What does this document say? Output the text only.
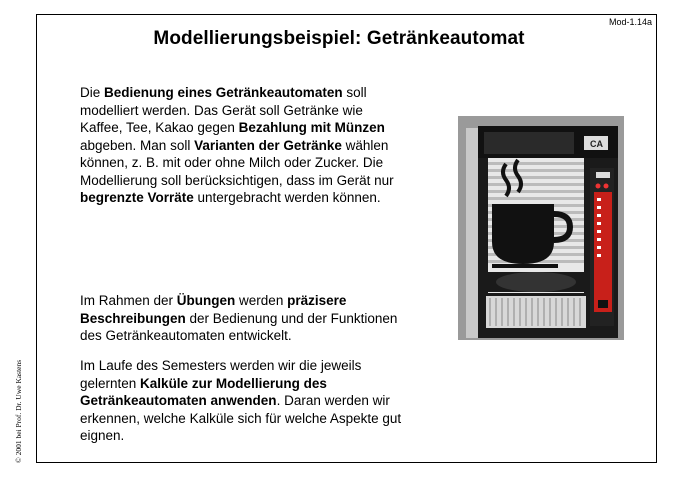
Mod-1.14a
Modellierungsbeispiel: Getränkeautomat
Die Bedienung eines Getränkeautomaten soll modelliert werden. Das Gerät soll Getränke wie Kaffee, Tee, Kakao gegen Bezahlung mit Münzen abgeben. Man soll Varianten der Getränke wählen können, z. B. mit oder ohne Milch oder Zucker. Die Modellierung soll berücksichtigen, dass im Gerät nur begrenzte Vorräte untergebracht werden können.
Im Rahmen der Übungen werden präzisere Beschreibungen der Bedienung und der Funktionen des Getränkeautomaten entwickelt.
Im Laufe des Semesters werden wir die jeweils gelernten Kalküle zur Modellierung des Getränkeautomaten anwenden. Daran werden wir erkennen, welche Kalküle sich für welche Aspekte gut eignen.
© 2001 bei Prof. Dr. Uwe Kastens
CA
